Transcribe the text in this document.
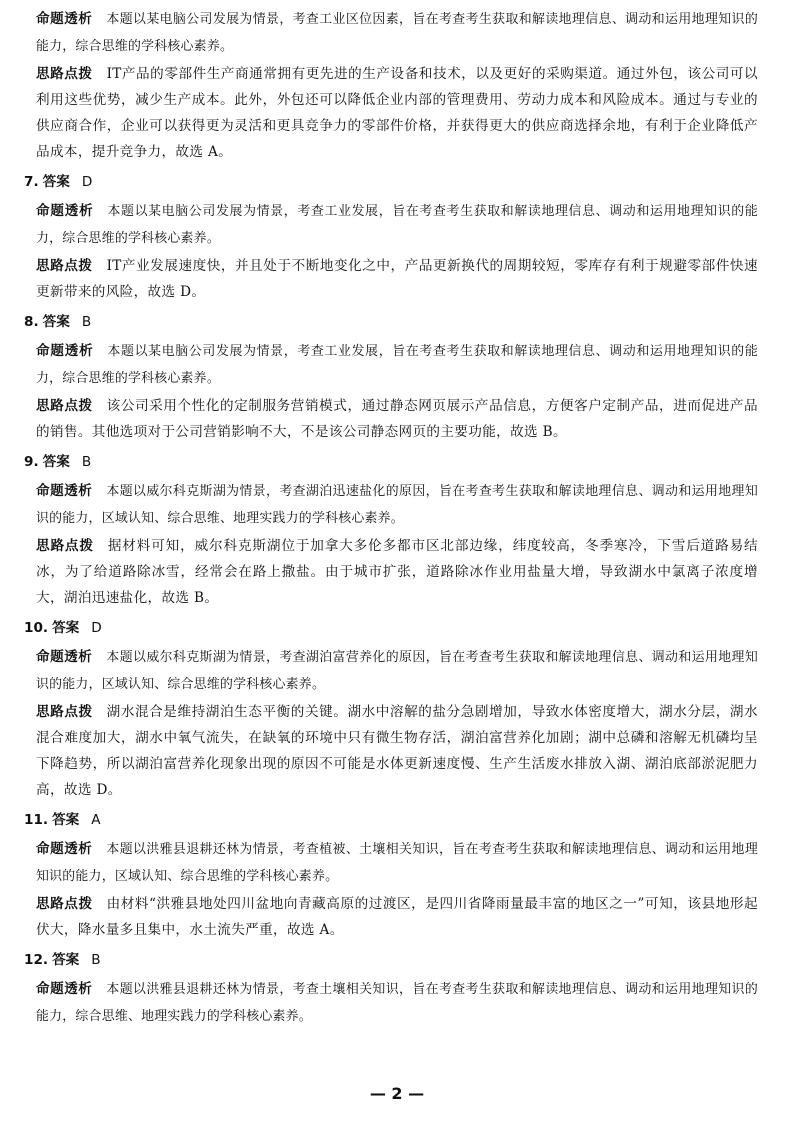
命题透析 本题以某电脑公司发展为情景，考查工业区位因素，旨在考查考生获取和解读地理信息、调动和运用地理知识的能力，综合思维的学科核心素养。

思路点拨 IT产品的零部件生产商通常拥有更先进的生产设备和技术，以及更好的采购渠道。通过外包，该公司可以利用这些优势，减少生产成本。此外，外包还可以降低企业内部的管理费用、劳动力成本和风险成本。通过与专业的供应商合作，企业可以获得更为灵活和更具竞争力的零部件价格，并获得更大的供应商选择余地，有利于企业降低产品成本，提升竞争力，故选 A。

7. 答案 D

命题透析 本题以某电脑公司发展为情景，考查工业发展，旨在考查考生获取和解读地理信息、调动和运用地理知识的能力，综合思维的学科核心素养。

思路点拨 IT产业发展速度快，并且处于不断地变化之中，产品更新换代的周期较短，零库存有利于规避零部件快速更新带来的风险，故选 D。

8. 答案 B

命题透析 本题以某电脑公司发展为情景，考查工业发展，旨在考查考生获取和解读地理信息、调动和运用地理知识的能力，综合思维的学科核心素养。

思路点拨 该公司采用个性化的定制服务营销模式，通过静态网页展示产品信息，方便客户定制产品，进而促进产品的销售。其他选项对于公司营销影响不大，不是该公司静态网页的主要功能，故选 B。

9. 答案 B

命题透析 本题以威尔科克斯湖为情景，考查湖泊迅速盐化的原因，旨在考查考生获取和解读地理信息、调动和运用地理知识的能力，区域认知、综合思维、地理实践力的学科核心素养。

思路点拨 据材料可知，威尔科克斯湖位于加拿大多伦多都市区北部边缘，纬度较高，冬季寒冷，下雪后道路易结冰，为了给道路除冰雪，经常会在路上撒盐。由于城市扩张，道路除冰作业用盐量大增，导致湖水中氯离子浓度增大，湖泊迅速盐化，故选 B。

10. 答案 D

命题透析 本题以威尔科克斯湖为情景，考查湖泊富营养化的原因，旨在考查考生获取和解读地理信息、调动和运用地理知识的能力，区域认知、综合思维的学科核心素养。

思路点拨 湖水混合是维持湖泊生态平衡的关键。湖水中溶解的盐分急剧增加，导致水体密度增大，湖水分层，湖水混合难度加大，湖水中氧气流失，在缺氧的环境中只有微生物存活，湖泊富营养化加剧；湖中总磷和溶解无机磷均呈下降趋势，所以湖泊富营养化现象出现的原因不可能是水体更新速度慢、生产生活废水排放入湖、湖泊底部淤泥肥力高，故选 D。

11. 答案 A

命题透析 本题以洪雅县退耕还林为情景，考查植被、土壤相关知识，旨在考查考生获取和解读地理信息、调动和运用地理知识的能力，区域认知、综合思维的学科核心素养。

思路点拨 由材料“洪雅县地处四川盆地向青藏高原的过渡区，是四川省降雨量最丰富的地区之一”可知，该县地形起伏大，降水量多且集中，水土流失严重，故选 A。

12. 答案 B

命题透析 本题以洪雅县退耕还林为情景，考查土壤相关知识，旨在考查考生获取和解读地理信息、调动和运用地理知识的能力，综合思维、地理实践力的学科核心素养。

— 2 —
